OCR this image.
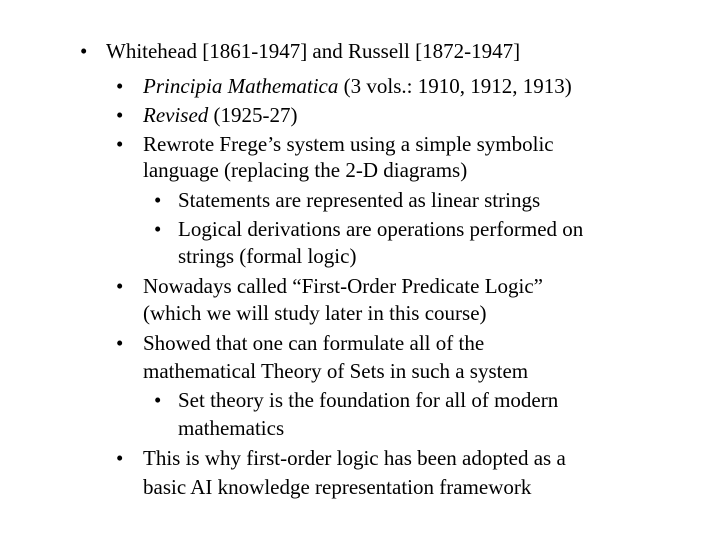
• Whitehead [1861-1947] and Russell [1872-1947]
• Principia Mathematica (3 vols.: 1910, 1912, 1913)
• Revised (1925-27)
• Rewrote Frege’s system using a simple symbolic
language (replacing the 2-D diagrams)
• Statements are represented as linear strings
• Logical derivations are operations performed on
strings (formal logic)
• Nowadays called “First-Order Predicate Logic”
(which we will study later in this course)
• Showed that one can formulate all of the
mathematical Theory of Sets in such a system
• Set theory is the foundation for all of modern
mathematics
• This is why first-order logic has been adopted as a
basic AI knowledge representation framework
